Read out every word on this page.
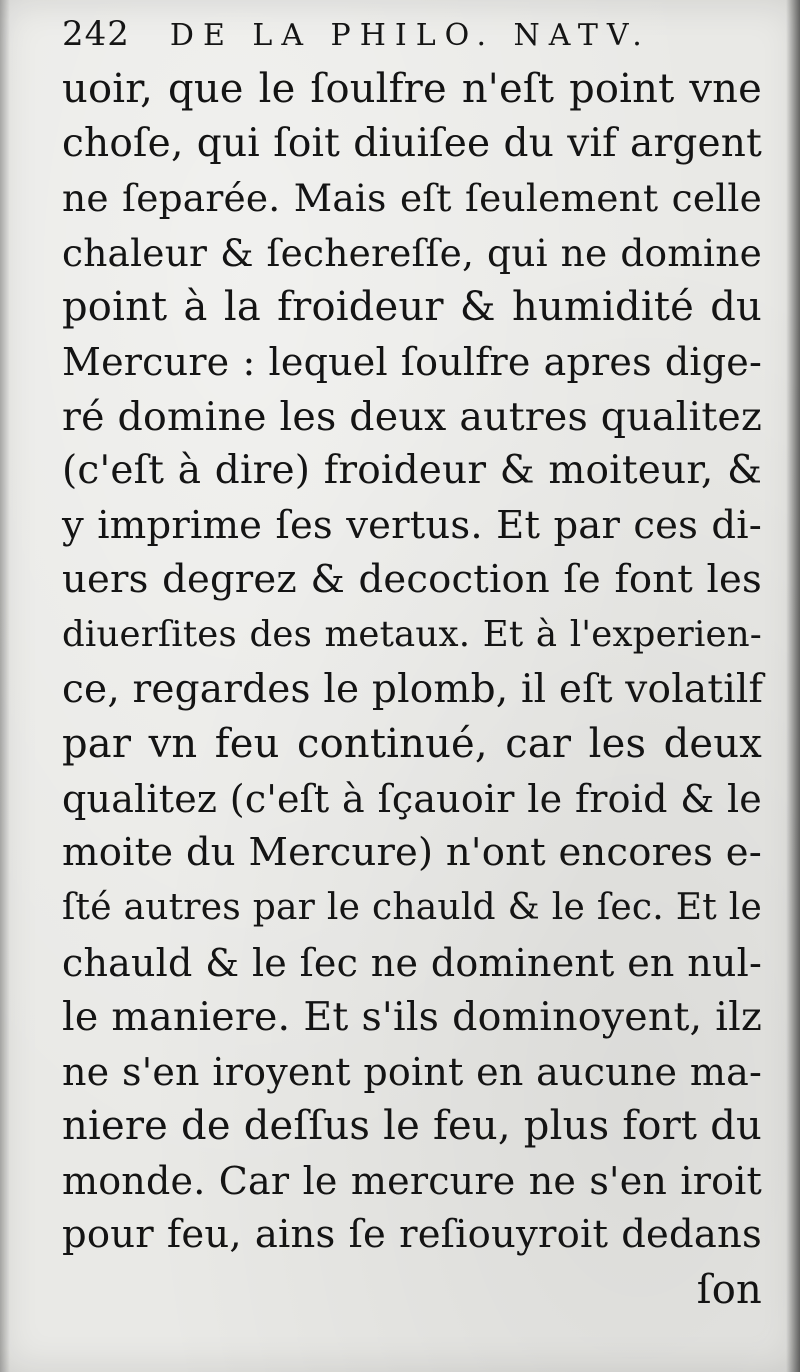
242 DE LA PHILO. NATV.
uoir, que le ſoulfre n'eſt point vne
choſe, qui ſoit diuiſee du vif argent
ne ſeparée. Mais eſt ſeulement celle
chaleur & ſechereſſe, qui ne domine
point à la froideur & humidité du
Mercure : lequel ſoulfre apres dige-
ré domine les deux autres qualitez
(c'eſt à dire) froideur & moiteur, &
y imprime ſes vertus. Et par ces di-
uers degrez & decoction ſe font les
diuerſites des metaux. Et à l'experien-
ce, regardes le plomb, il eſt volatilf
par vn feu continué, car les deux
qualitez (c'eſt à ſçauoir le froid & le
moite du Mercure) n'ont encores e-
ſté autres par le chauld & le ſec. Et le
chauld & le ſec ne dominent en nul-
le maniere. Et s'ils dominoyent, ilz
ne s'en iroyent point en aucune ma-
niere de deſſus le feu, plus fort du
monde. Car le mercure ne s'en iroit
pour feu, ains ſe reſiouyroit dedans
ſon
